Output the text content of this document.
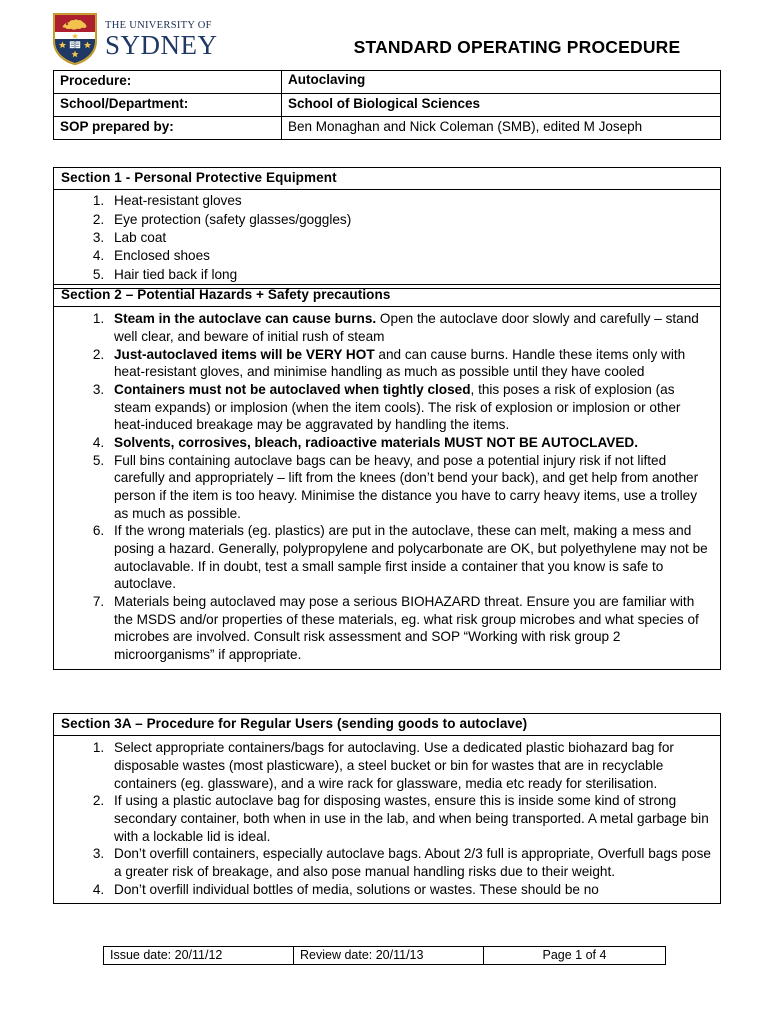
THE UNIVERSITY OF
SYDNEY	STANDARD OPERATING PROCEDURE
Procedure:	Autoclaving
School/Department:	School of Biological Sciences
SOP prepared by:	Ben Monaghan and Nick Coleman (SMB), edited M Joseph
Section 1 - Personal Protective Equipment
1. Heat-resistant gloves
2. Eye protection (safety glasses/goggles)
3. Lab coat
4. Enclosed shoes
5. Hair tied back if long
Section 2 – Potential Hazards + Safety precautions
1. Steam in the autoclave can cause burns. Open the autoclave door slowly and carefully – stand well clear, and beware of initial rush of steam
2. Just-autoclaved items will be VERY HOT and can cause burns. Handle these items only with heat-resistant gloves, and minimise handling as much as possible until they have cooled
3. Containers must not be autoclaved when tightly closed, this poses a risk of explosion (as steam expands) or implosion (when the item cools). The risk of explosion or implosion or other heat-induced breakage may be aggravated by handling the items.
4. Solvents, corrosives, bleach, radioactive materials MUST NOT BE AUTOCLAVED.
5. Full bins containing autoclave bags can be heavy, and pose a potential injury risk if not lifted carefully and appropriately – lift from the knees (don’t bend your back), and get help from another person if the item is too heavy. Minimise the distance you have to carry heavy items, use a trolley as much as possible.
6. If the wrong materials (eg. plastics) are put in the autoclave, these can melt, making a mess and posing a hazard. Generally, polypropylene and polycarbonate are OK, but polyethylene may not be autoclavable. If in doubt, test a small sample first inside a container that you know is safe to autoclave.
7. Materials being autoclaved may pose a serious BIOHAZARD threat. Ensure you are familiar with the MSDS and/or properties of these materials, eg. what risk group microbes and what species of microbes are involved. Consult risk assessment and SOP “Working with risk group 2 microorganisms” if appropriate.
Section 3A – Procedure for Regular Users (sending goods to autoclave)
1. Select appropriate containers/bags for autoclaving. Use a dedicated plastic biohazard bag for disposable wastes (most plasticware), a steel bucket or bin for wastes that are in recyclable containers (eg. glassware), and a wire rack for glassware, media etc ready for sterilisation.
2. If using a plastic autoclave bag for disposing wastes, ensure this is inside some kind of strong secondary container, both when in use in the lab, and when being transported. A metal garbage bin with a lockable lid is ideal.
3. Don’t overfill containers, especially autoclave bags. About 2/3 full is appropriate, Overfull bags pose a greater risk of breakage, and also pose manual handling risks due to their weight.
4. Don’t overfill individual bottles of media, solutions or wastes. These should be no
Issue date: 20/11/12	Review date: 20/11/13	Page 1 of 4
